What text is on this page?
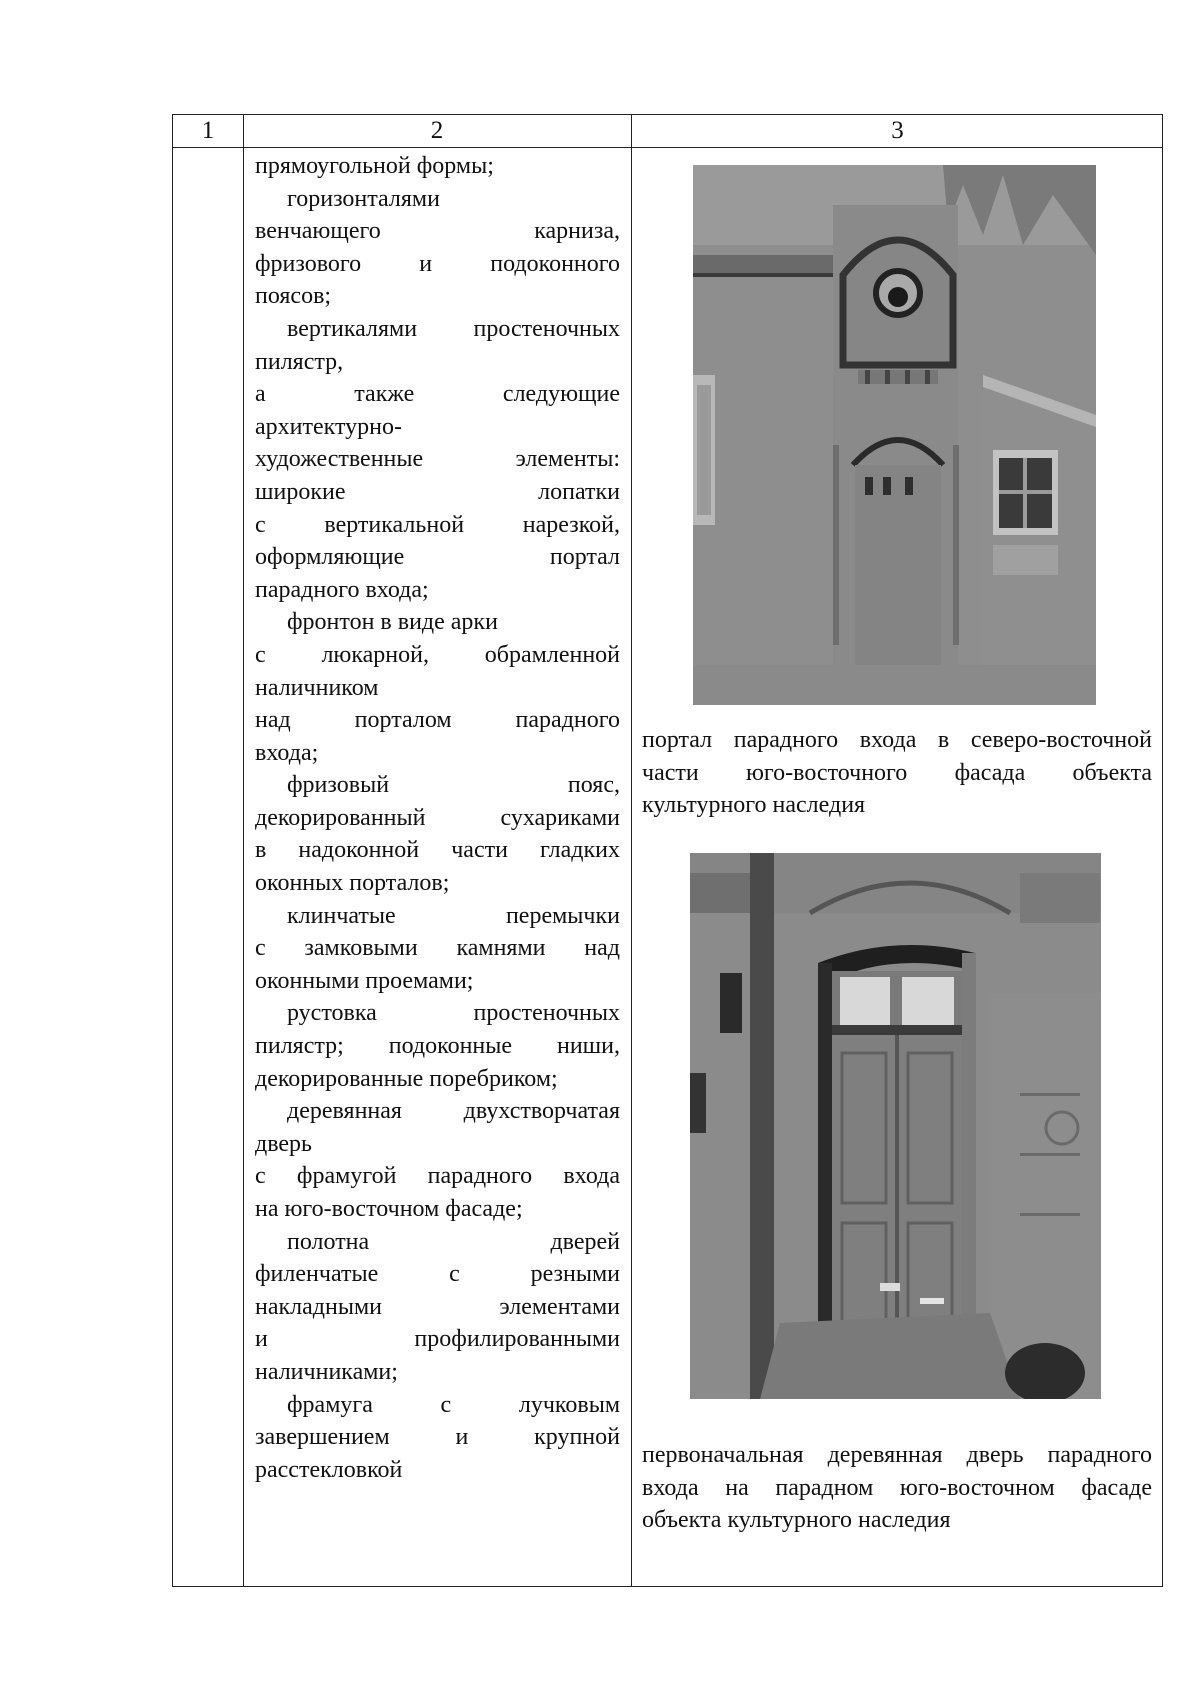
1	2	3

прямоугольной формы;

горизонталями

венчающего карниза,

фризового и подоконного

поясов;

вертикалями простеночных

пилястр,

а также следующие

архитектурно-

художественные элементы:

широкие лопатки

с вертикальной нарезкой,

оформляющие портал

парадного входа;

фронтон в виде арки

с люкарной, обрамленной

наличником

над порталом парадного

входа;

фризовый пояс,

декорированный сухариками

в надоконной части гладких

оконных порталов;

клинчатые перемычки

с замковыми камнями над

оконными проемами;

рустовка простеночных

пилястр; подоконные ниши,

декорированные поребриком;

деревянная двухстворчатая

дверь

с фрамугой парадного входа

на юго-восточном фасаде;

полотна дверей

филенчатые с резными

накладными элементами

и профилированными

наличниками;

фрамуга с лучковым

завершением и крупной

расстекловкой

портал парадного входа в северо-восточной части юго-восточного фасада объекта культурного наследия

первоначальная деревянная дверь парадного входа на парадном юго-восточном фасаде объекта культурного наследия
